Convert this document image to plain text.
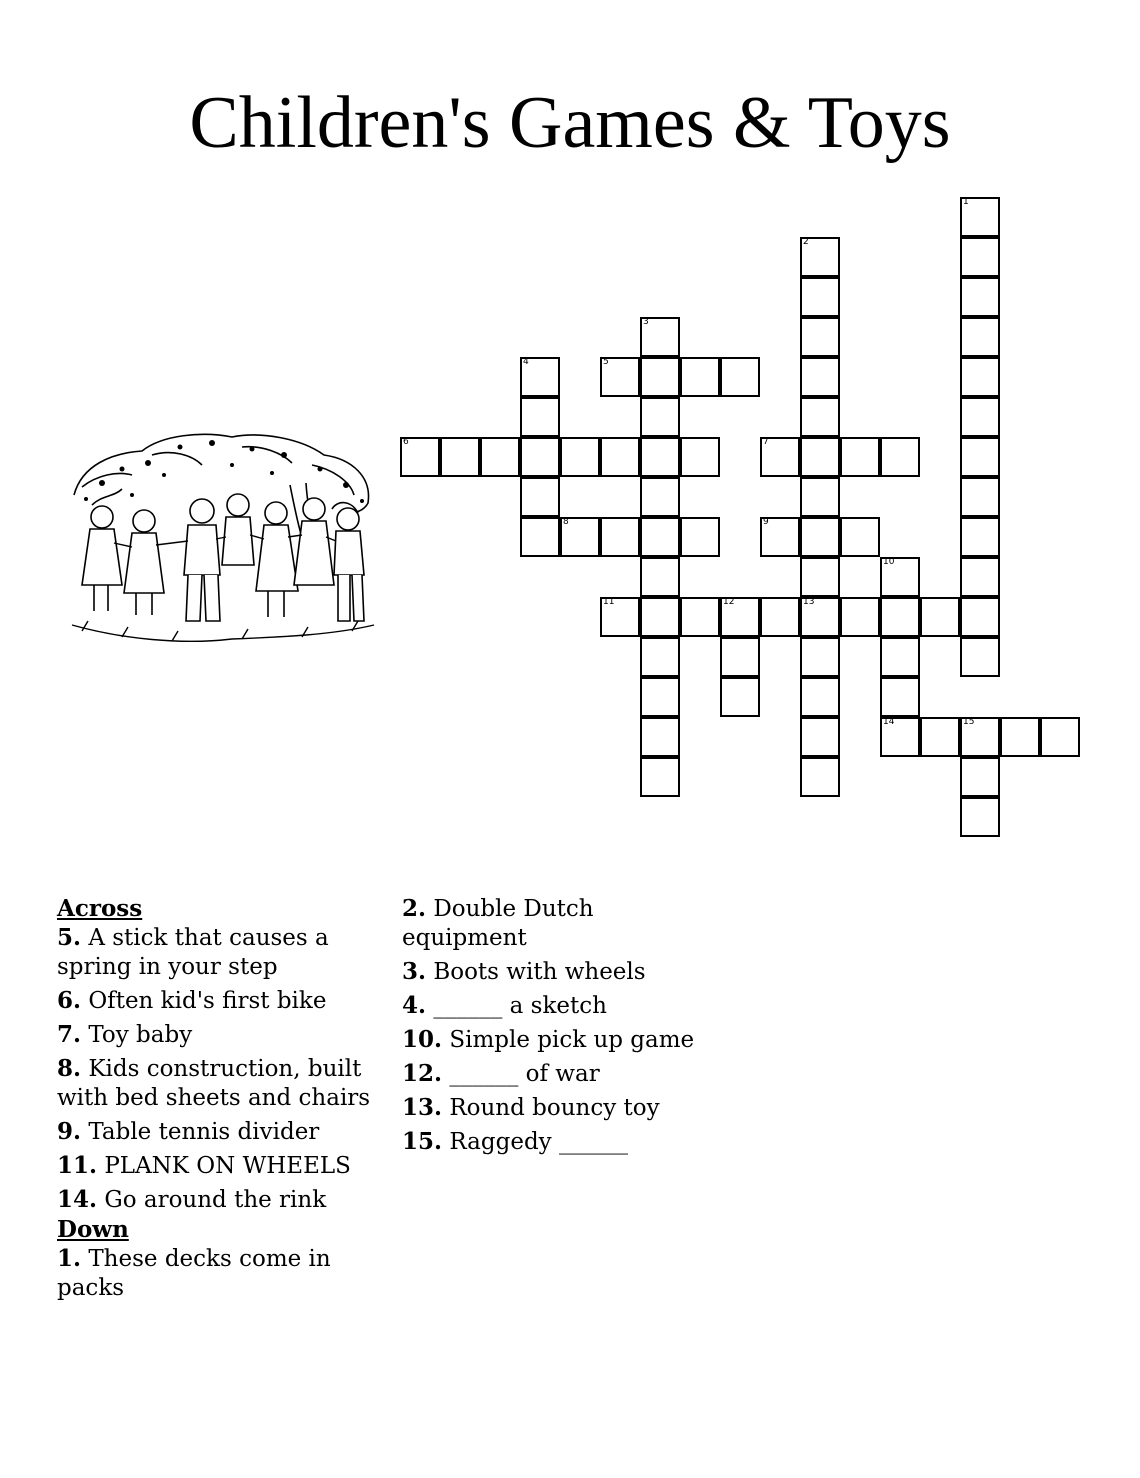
Children's Games & Toys
5
6	7
8	9
11	12	13
14	15
1
2
3
4
10
Across
5. A stick that causes a spring in your step
6. Often kid's first bike
7. Toy baby
8. Kids construction, built with bed sheets and chairs
9. Table tennis divider
11. PLANK ON WHEELS
14. Go around the rink
Down
1. These decks come in packs
2. Double Dutch equipment
3. Boots with wheels
4. ______ a sketch
10. Simple pick up game
12. ______ of war
13. Round bouncy toy
15. Raggedy ______
